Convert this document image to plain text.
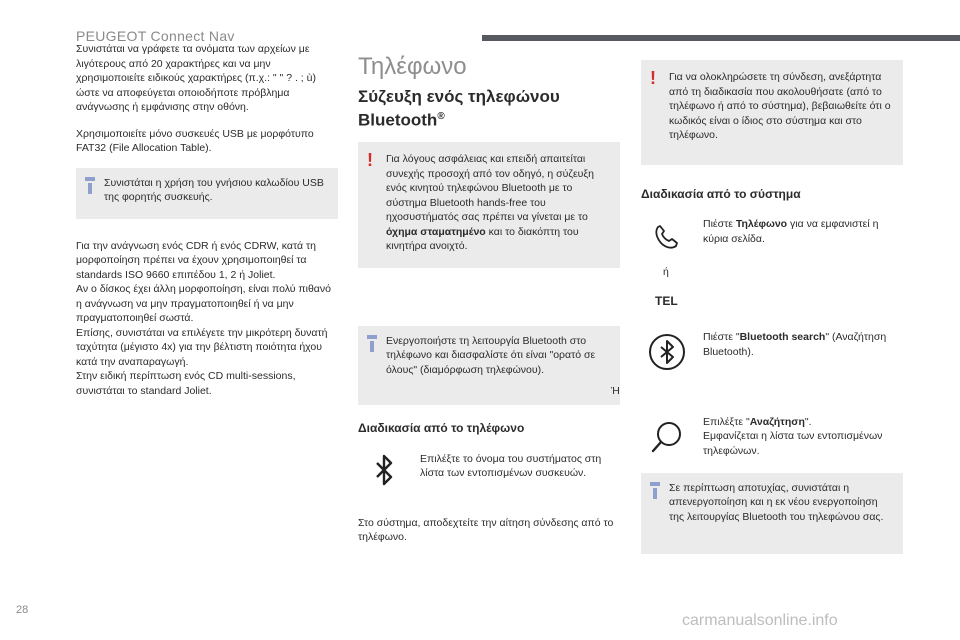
PEUGEOT Connect Nav

Συνιστάται να γράφετε τα ονόματα των αρχείων με λιγότερους από 20 χαρακτήρες και να μην χρησιμοποιείτε ειδικούς χαρακτήρες (π.χ.: " " ? . ; ù) ώστε να αποφεύγεται οποιοδήποτε πρόβλημα ανάγνωσης ή εμφάνισης στην οθόνη.

Χρησιμοποιείτε μόνο συσκευές USB με μορφότυπο FAT32 (File Allocation Table).

Συνιστάται η χρήση του γνήσιου καλωδίου USB της φορητής συσκευής.
Για την ανάγνωση ενός CDR ή ενός CDRW, κατά τη μορφοποίηση πρέπει να έχουν χρησιμοποιηθεί τα standards ISO 9660 επιπέδου 1, 2 ή Joliet.
Αν ο δίσκος έχει άλλη μορφοποίηση, είναι πολύ πιθανό η ανάγνωση να μην πραγματοποιηθεί ή να μην πραγματοποιηθεί σωστά.
Επίσης, συνιστάται να επιλέγετε την μικρότερη δυνατή ταχύτητα (μέγιστο 4x) για την βέλτιστη ποιότητα ήχου κατά την αναπαραγωγή.
Στην ειδική περίπτωση ενός CD multi-sessions, συνιστάται το standard Joliet.
Τηλέφωνο
Σύζευξη ενός τηλεφώνου Bluetooth®
!	Για λόγους ασφάλειας και επειδή απαιτείται συνεχής προσοχή από τον οδηγό, η σύζευξη ενός κινητού τηλεφώνου Bluetooth με το σύστημα Bluetooth hands-free του ηχοσυστήματός σας πρέπει να γίνεται με το όχημα σταματημένο και το διακόπτη του κινητήρα ανοιχτό.
Ενεργοποιήστε τη λειτουργία Bluetooth στο τηλέφωνο και διασφαλίστε ότι είναι "ορατό σε όλους" (διαμόρφωση τηλεφώνου).
Διαδικασία από το τηλέφωνο
Επιλέξτε το όνομα του συστήματος στη λίστα των εντοπισμένων συσκευών.
Στο σύστημα, αποδεχτείτε την αίτηση σύνδεσης από το τηλέφωνο.
!	Για να ολοκληρώσετε τη σύνδεση, ανεξάρτητα από τη διαδικασία που ακολουθήσατε (από το τηλέφωνο ή από το σύστημα), βεβαιωθείτε ότι ο κωδικός είναι ο ίδιος στο σύστημα και στο τηλέφωνο.
Διαδικασία από το σύστημα
Πιέστε Τηλέφωνο για να εμφανιστεί η κύρια σελίδα.
ή
TEL
Πιέστε "Bluetooth search" (Αναζήτηση Bluetooth).
Ή
Επιλέξτε "Αναζήτηση".
Εμφανίζεται η λίστα των εντοπισμένων τηλεφώνων.
Σε περίπτωση αποτυχίας, συνιστάται η απενεργοποίηση και η εκ νέου ενεργοποίηση της λειτουργίας Bluetooth του τηλεφώνου σας.
28
carmanualsonline.info
